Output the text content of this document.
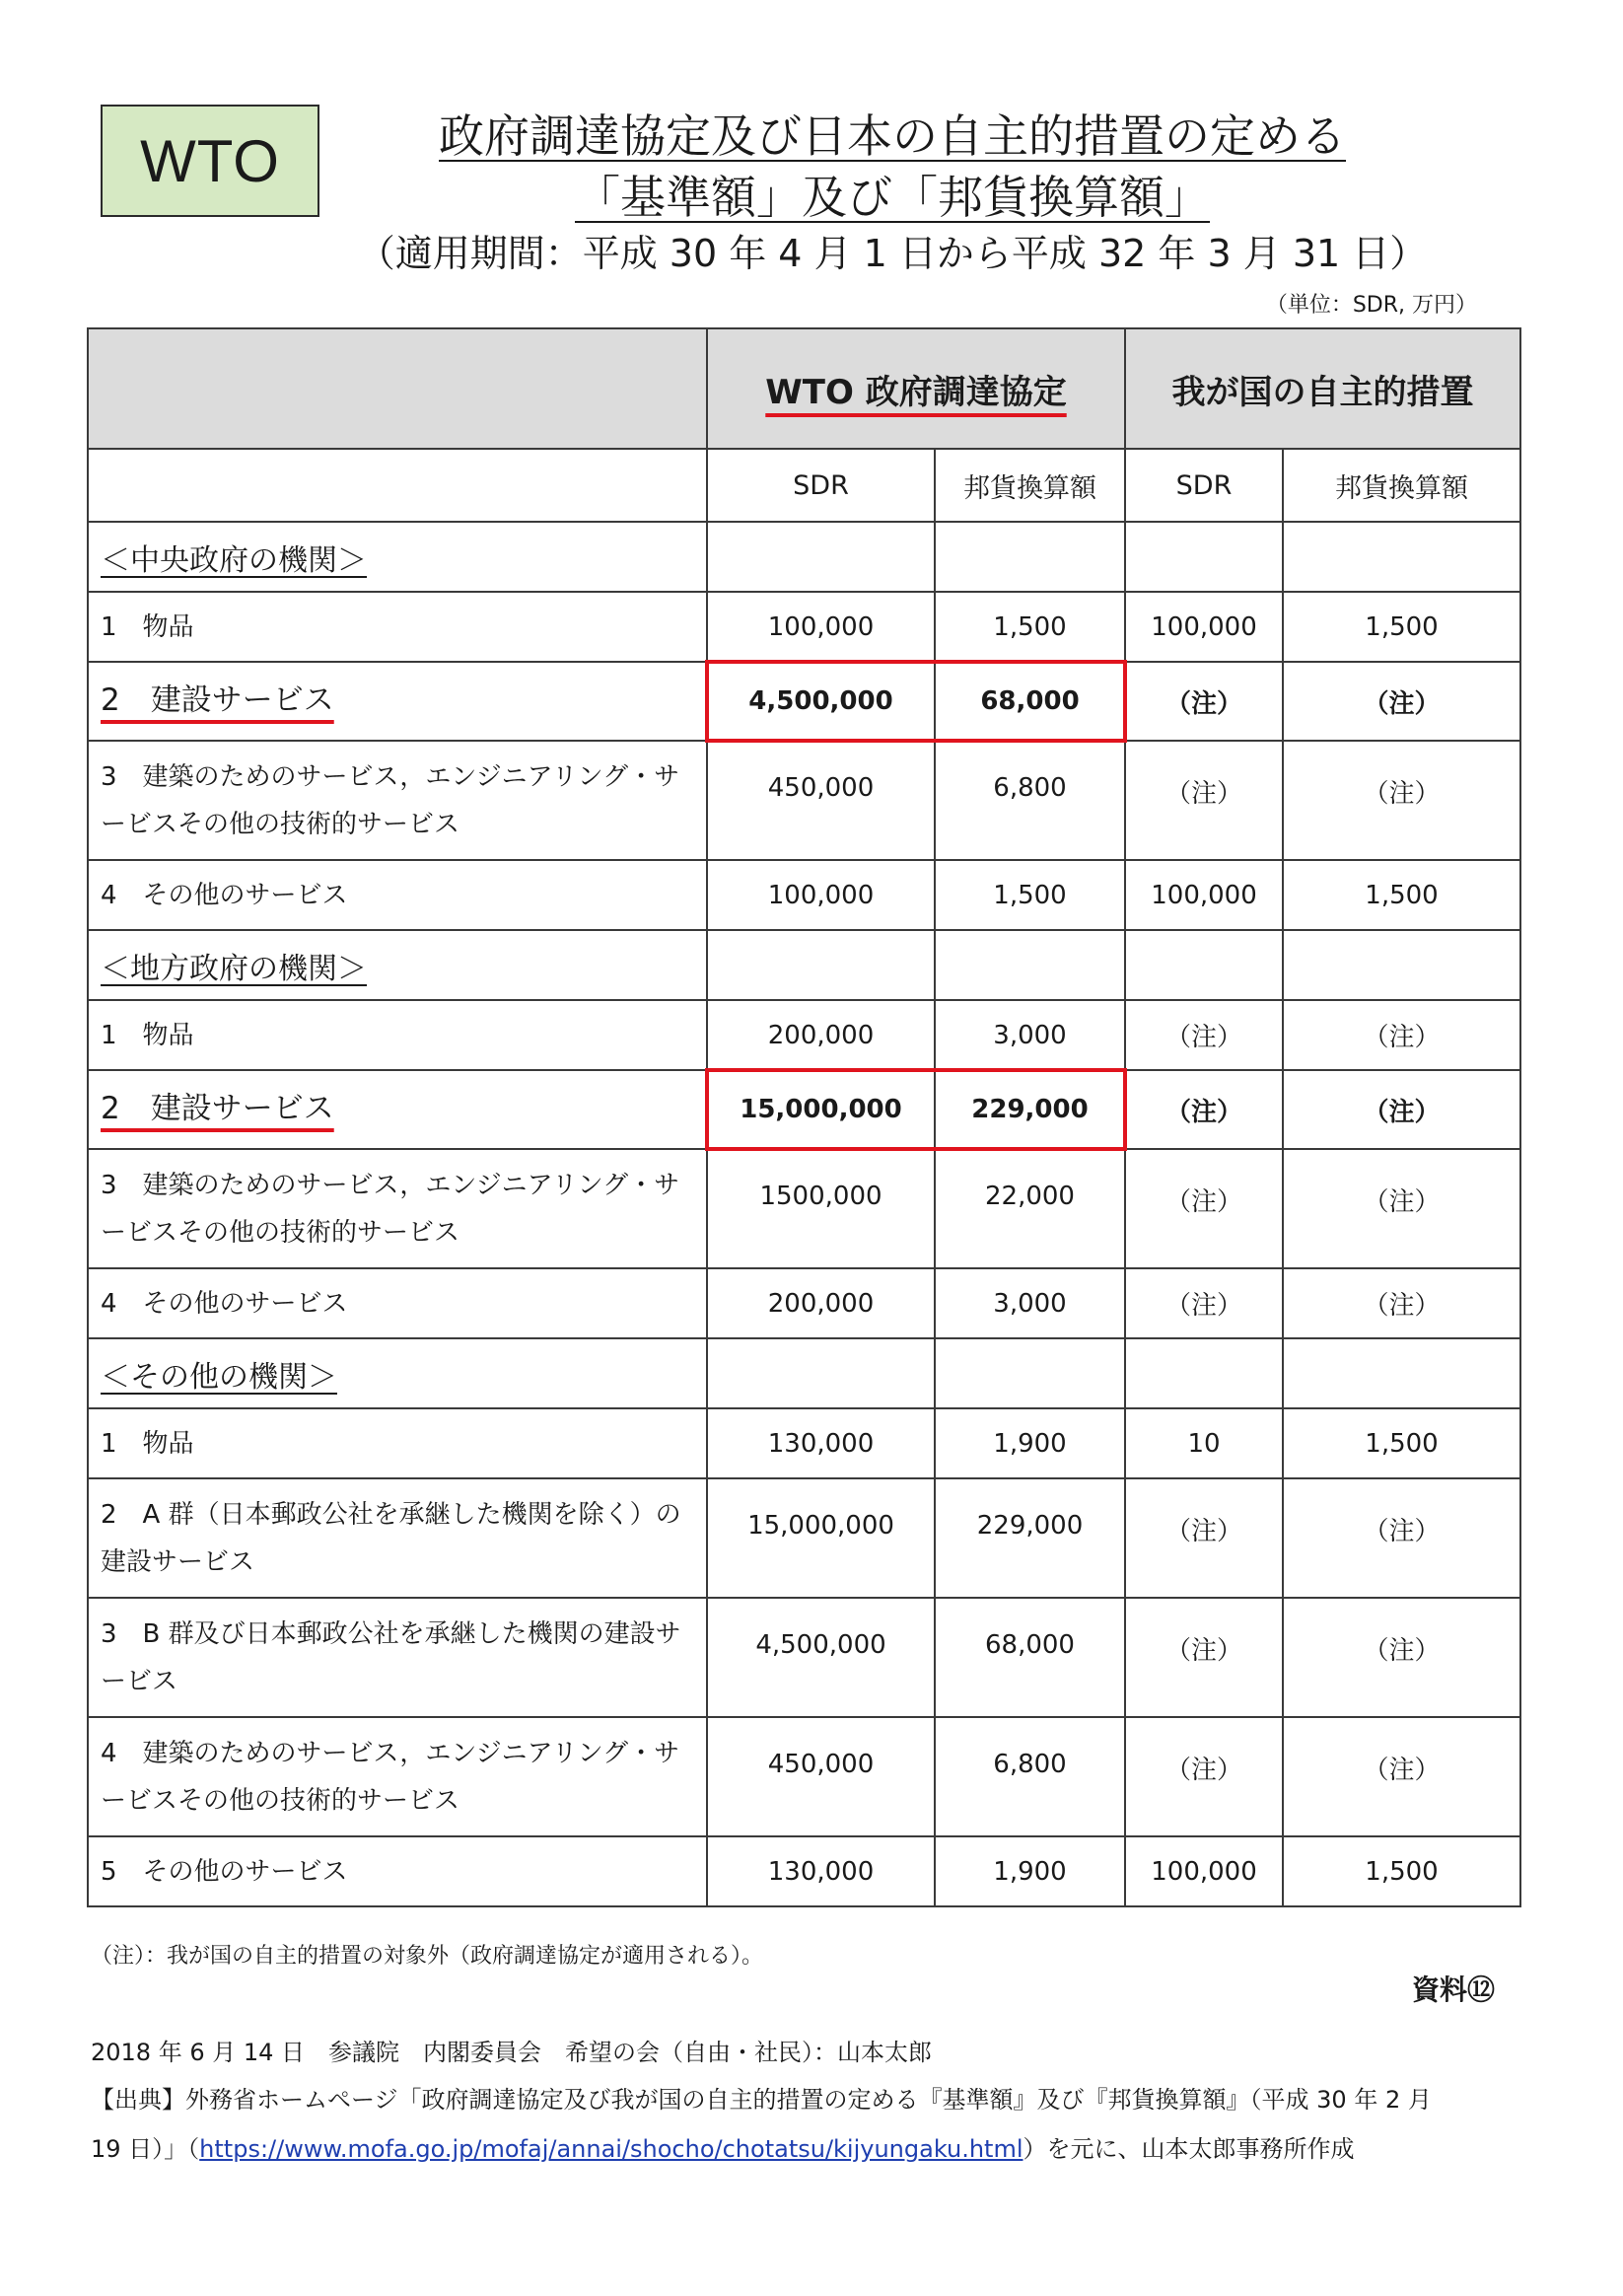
WTO	政府調達協定及び日本の自主的措置の定める
「基準額」及び「邦貨換算額」
（適用期間：平成 30 年 4 月 1 日から平成 32 年 3 月 31 日）
（単位：SDR, 万円）
	WTO 政府調達協定		我が国の自主的措置	
	SDR	邦貨換算額	SDR	邦貨換算額
＜中央政府の機関＞				
1　物品	100,000	1,500	100,000	1,500
2　建設サービス	4,500,000	68,000	（注）	（注）
3　建築のためのサービス，エンジニアリング・サービスその他の技術的サービス	450,000	6,800	（注）	（注）
4　その他のサービス	100,000	1,500	100,000	1,500
＜地方政府の機関＞				
1　物品	200,000	3,000	（注）	（注）
2　建設サービス	15,000,000	229,000	（注）	（注）
3　建築のためのサービス，エンジニアリング・サービスその他の技術的サービス	1500,000	22,000	（注）	（注）
4　その他のサービス	200,000	3,000	（注）	（注）
＜その他の機関＞				
1　物品	130,000	1,900	10	1,500
2　A 群（日本郵政公社を承継した機関を除く）の建設サービス	15,000,000	229,000	（注）	（注）
3　B 群及び日本郵政公社を承継した機関の建設サービス	4,500,000	68,000	（注）	（注）
4　建築のためのサービス，エンジニアリング・サービスその他の技術的サービス	450,000	6,800	（注）	（注）
5　その他のサービス	130,000	1,900	100,000	1,500
（注）：我が国の自主的措置の対象外（政府調達協定が適用される）。
資料⑫
2018 年 6 月 14 日　参議院　内閣委員会　希望の会（自由・社民）：山本太郎
【出典】外務省ホームページ「政府調達協定及び我が国の自主的措置の定める『基準額』及び『邦貨換算額』（平成 30 年 2 月
19 日）」（https://www.mofa.go.jp/mofaj/annai/shocho/chotatsu/kijyungaku.html）を元に、山本太郎事務所作成
